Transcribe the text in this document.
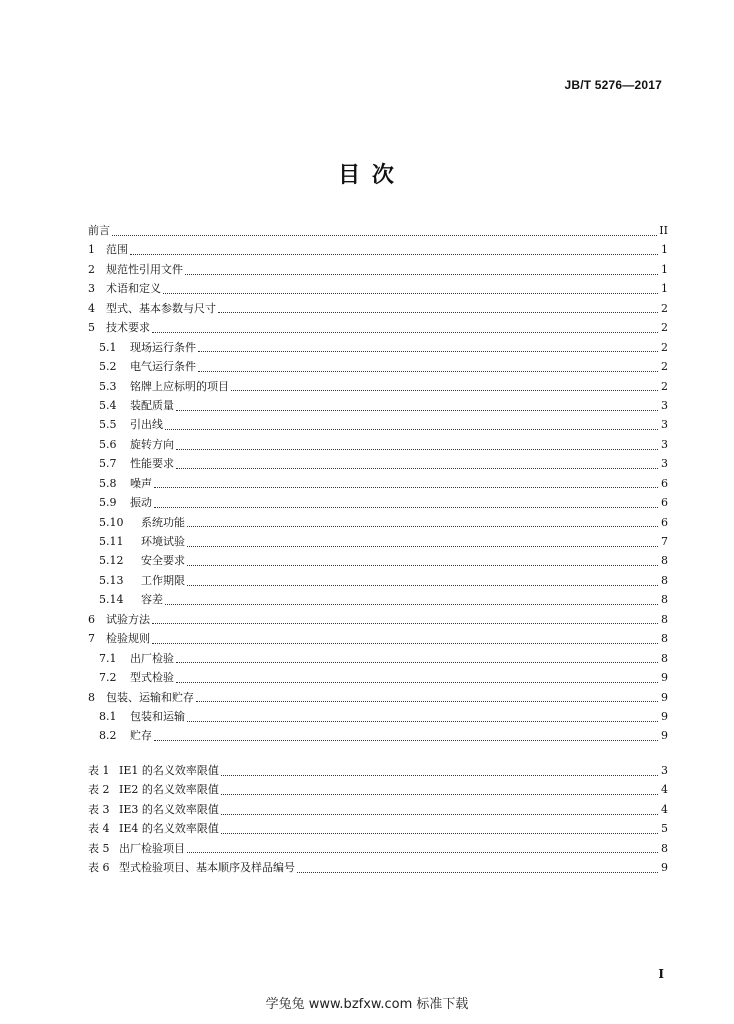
JB/T 5276—2017
目 次
前言	II
1	范围	1
2	规范性引用文件	1
3	术语和定义	1
4	型式、基本参数与尺寸	2
5	技术要求	2
5.1	现场运行条件	2
5.2	电气运行条件	2
5.3	铭牌上应标明的项目	2
5.4	装配质量	3
5.5	引出线	3
5.6	旋转方向	3
5.7	性能要求	3
5.8	噪声	6
5.9	振动	6
5.10	系统功能	6
5.11	环境试验	7
5.12	安全要求	8
5.13	工作期限	8
5.14	容差	8
6	试验方法	8
7	检验规则	8
7.1	出厂检验	8
7.2	型式检验	9
8	包装、运输和贮存	9
8.1	包装和运输	9
8.2	贮存	9
表 1 IE1 的名义效率限值	3
表 2 IE2 的名义效率限值	4
表 3 IE3 的名义效率限值	4
表 4 IE4 的名义效率限值	5
表 5 出厂检验项目	8
表 6 型式检验项目、基本顺序及样品编号	9
I
学兔兔 www.bzfxw.com 标准下载
